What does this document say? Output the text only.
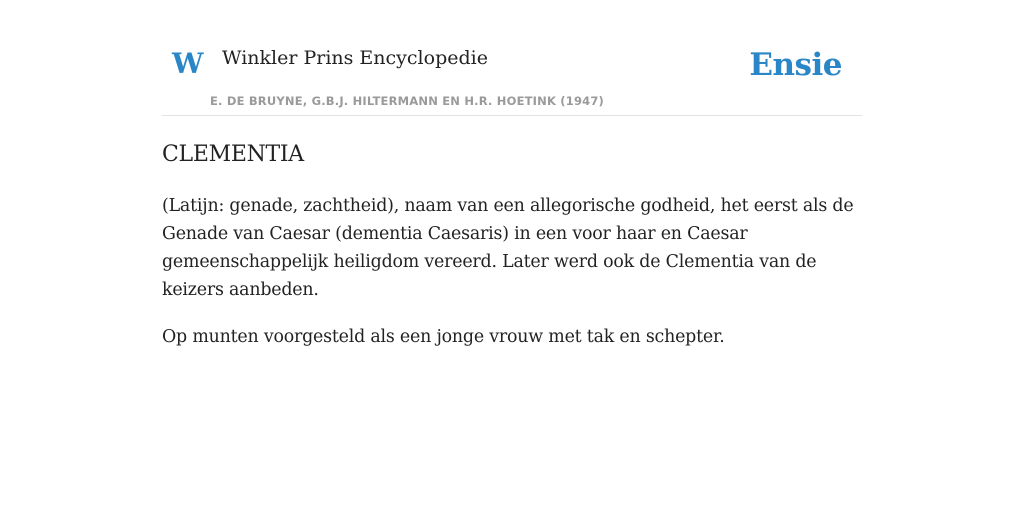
W Winkler Prins Encyclopedie
E. DE BRUYNE, G.B.J. HILTERMANN EN H.R. HOETINK (1947)
Ensie
CLEMENTIA

(Latijn: genade, zachtheid), naam van een allegorische godheid, het eerst als de Genade van Caesar (dementia Caesaris) in een voor haar en Caesar gemeenschappelijk heiligdom vereerd. Later werd ook de Clementia van de keizers aanbeden.

Op munten voorgesteld als een jonge vrouw met tak en schepter.
